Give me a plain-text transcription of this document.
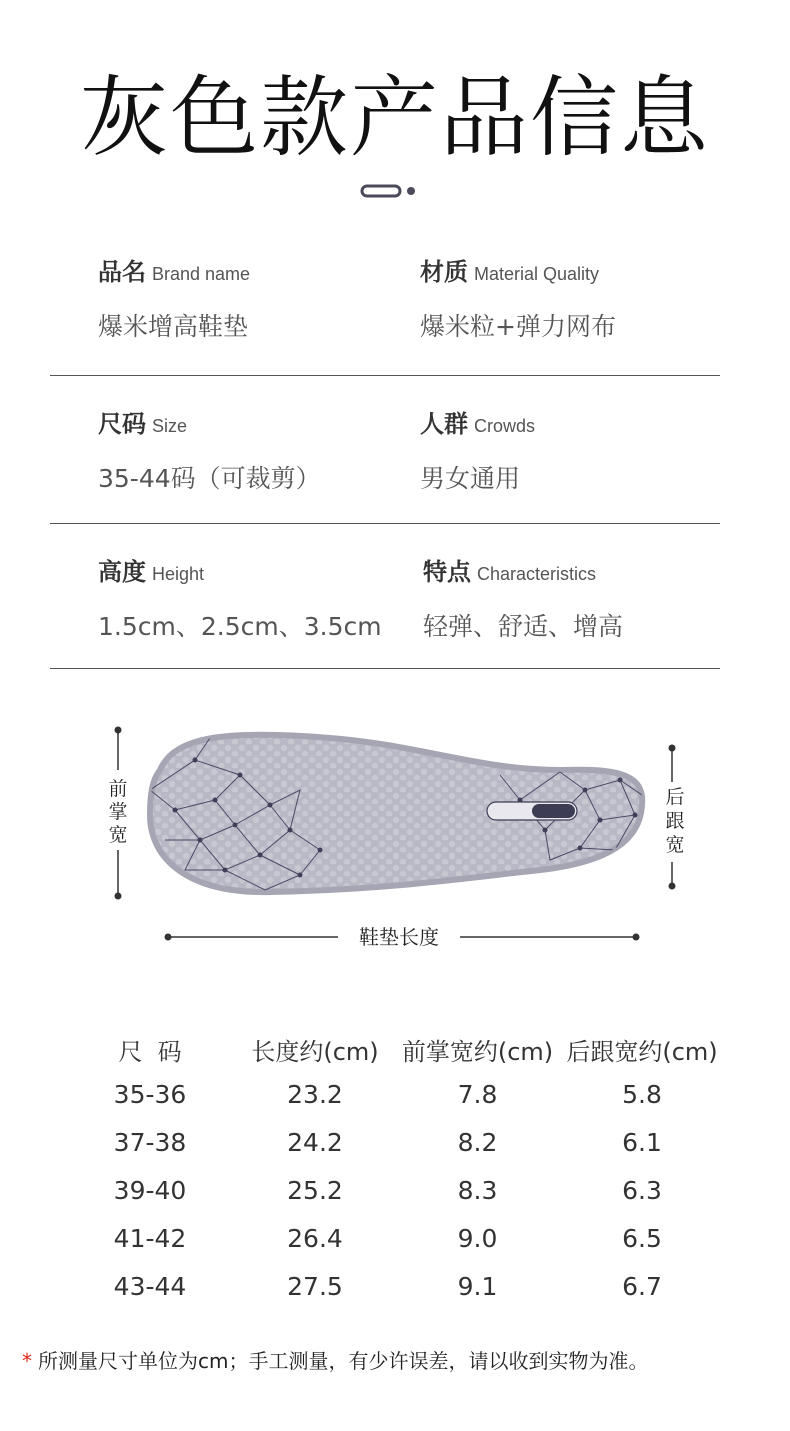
灰色款产品信息
品名 Brand name
爆米增高鞋垫
材质 Material Quality
爆米粒+弹力网布
尺码 Size
35-44码（可裁剪）
人群 Crowds
男女通用
高度 Height
1.5cm、2.5cm、3.5cm
特点 Characteristics
轻弹、舒适、增高
前
掌
宽
后
跟
宽
鞋垫长度
尺  码	长度约(cm) 前掌宽约(cm) 后跟宽约(cm)
35-36	23.2	7.8	5.8
37-38	24.2	8.2	6.1
39-40	25.2	8.3	6.3
41-42	26.4	9.0	6.5
43-44	27.5	9.1	6.7
* 所测量尺寸单位为cm；手工测量，有少许误差，请以收到实物为准。
